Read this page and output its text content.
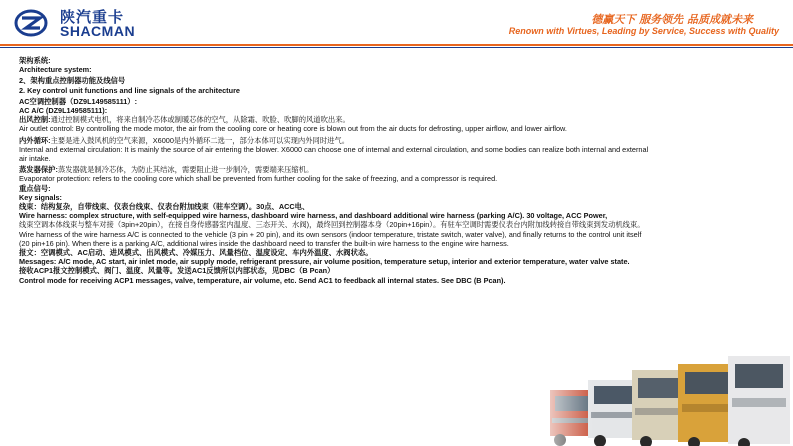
陕汽重卡
SHACMAN
德赢天下 服务领先 品质成就未来
Renown with Virtues, Leading by Service, Success with Quality
架构系统:
Architecture system:
2、架构重点控制器功能及线信号
2. Key control unit functions and line signals of the architecture
AC空调控制器（DZ9L149585111）:
AC A/C (DZ9L149585111):
出风控制:通过控制模式电机，将来自制冷芯体或制暖芯体的空气，从除霜、吹脸、吹脚的风道吹出来。
Air outlet control: By controlling the mode motor, the air from the cooling core or heating core is blown out from the air ducts for defrosting, upper airflow, and lower airflow.
内外循环:主要是进入鼓风机的空气来源，X6000是内外循环二选一，部分本体可以实现内外同时进气。
Internal and external circulation: It is mainly the source of air entering the blower. X6000 can choose one of internal and external circulation, and some bodies can realize both internal and external
air intake.
蒸发器保护:蒸发器就是制冷芯体，为防止其结冰，需要阻止进一步制冷，需要端来压缩机。
Evaporator protection: refers to the cooling core which shall be prevented from further cooling for the sake of freezing, and a compressor is required.
重点信号:
Key signals:
线束：结构复杂，自带线束、仪表台线束、仪表台附加线束（驻车空调）。30点、ACC电、
Wire harness: complex structure, with self-equipped wire harness, dashboard wire harness, and dashboard additional wire harness (parking A/C). 30 voltage, ACC Power,
线束空调本体线束与整车对接（3pin+20pin），在接自身传感器室内温度、三态开关、水阀)，最终回到控制器本身（20pin+16pin）。有驻车空调时需要仪表台内附加线转接自带线束到发动机线束。
Wire harness of the wire harness A/C is connected to the vehicle (3 pin + 20 pin), and its own sensors (indoor temperature, tristate switch, water valve), and finally returns to the control unit itself
(20 pin+16 pin). When there is a parking A/C, additional wires inside the dashboard need to transfer the built-in wire harness to the engine wire harness.
报文：空调模式、AC启动、进风模式、出风模式、冷媒压力、风量档位、温度设定、车内外温度、水阀状态。
Messages: A/C mode, AC start, air inlet mode, air supply mode, refrigerant pressure, air volume position, temperature setup, interior and exterior temperature, water valve state.
接收ACP1报文控制模式、阀门、温度、风量等。发送AC1反馈所以内部状态，见DBC（B Pcan）
Control mode for receiving ACP1 messages, valve, temperature, air volume, etc. Send AC1 to feedback all internal states. See DBC (B Pcan).
